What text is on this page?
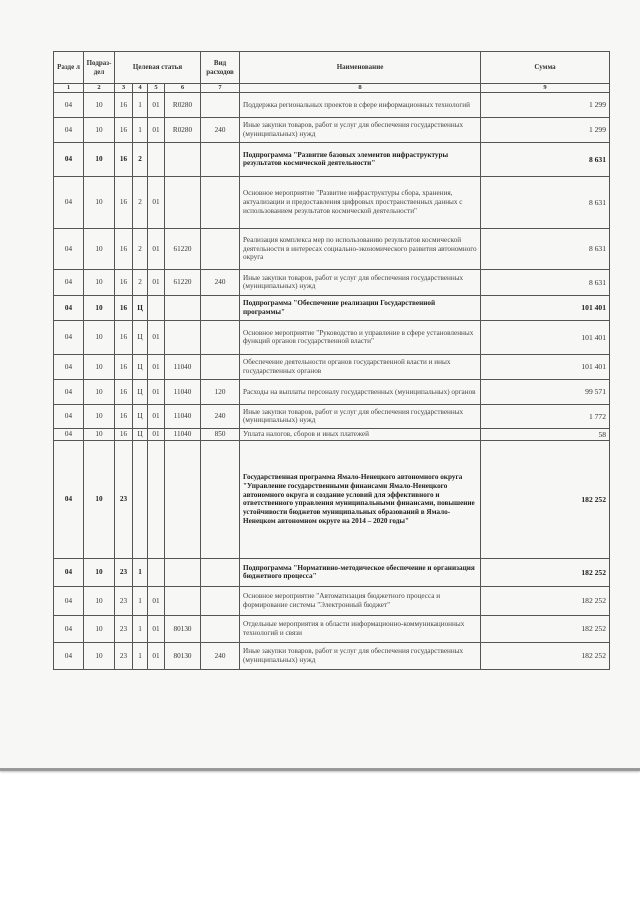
Разде л	Подраз- дел	Целевая статья				Вид расходов	Наименование	Сумма
1	2	3	4	5	6	7	8	9
04	10	16	1	01	R0280		Поддержка региональных проектов в сфере информационных технологий	1 299
04	10	16	1	01	R0280	240	Иные закупки товаров, работ и услуг для обеспечения государственных (муниципальных) нужд	1 299
04	10	16	2				Подпрограмма "Развитие базовых элементов инфраструктуры результатов космической деятельности"	8 631
04	10	16	2	01			Основное мероприятие "Развитие инфраструктуры сбора, хранения, актуализации и предоставления цифровых пространственных данных с использованием результатов космической деятельности"	8 631
04	10	16	2	01	61220		Реализация комплекса мер по использованию результатов космической деятельности в интересах социально-экономического развития автономного округа	8 631
04	10	16	2	01	61220	240	Иные закупки товаров, работ и услуг для обеспечения государственных (муниципальных) нужд	8 631
04	10	16	Ц				Подпрограмма "Обеспечение реализации Государственной программы"	101 401
04	10	16	Ц	01			Основное мероприятие "Руководство и управление в сфере установленных функций органов государственной власти"	101 401
04	10	16	Ц	01	11040		Обеспечение деятельности органов государственной власти и иных государственных органов	101 401
04	10	16	Ц	01	11040	120	Расходы на выплаты персоналу государственных (муниципальных) органов	99 571
04	10	16	Ц	01	11040	240	Иные закупки товаров, работ и услуг для обеспечения государственных (муниципальных) нужд	1 772
04	10	16	Ц	01	11040	850	Уплата налогов, сборов и иных платежей	58
04	10	23					Государственная программа Ямало-Ненецкого автономного округа "Управление государственными финансами Ямало-Ненецкого автономного округа и создание условий для эффективного и ответственного управления муниципальными финансами, повышение устойчивости бюджетов муниципальных образований в Ямало-Ненецком автономном округе на 2014 – 2020 годы"	182 252
04	10	23	1				Подпрограмма "Нормативно-методическое обеспечение и организация бюджетного процесса"	182 252
04	10	23	1	01			Основное мероприятие "Автоматизация бюджетного процесса и формирование системы "Электронный бюджет"	182 252
04	10	23	1	01	80130		Отдельные мероприятия в области информационно-коммуникационных технологий и связи	182 252
04	10	23	1	01	80130	240	Иные закупки товаров, работ и услуг для обеспечения государственных (муниципальных) нужд	182 252
